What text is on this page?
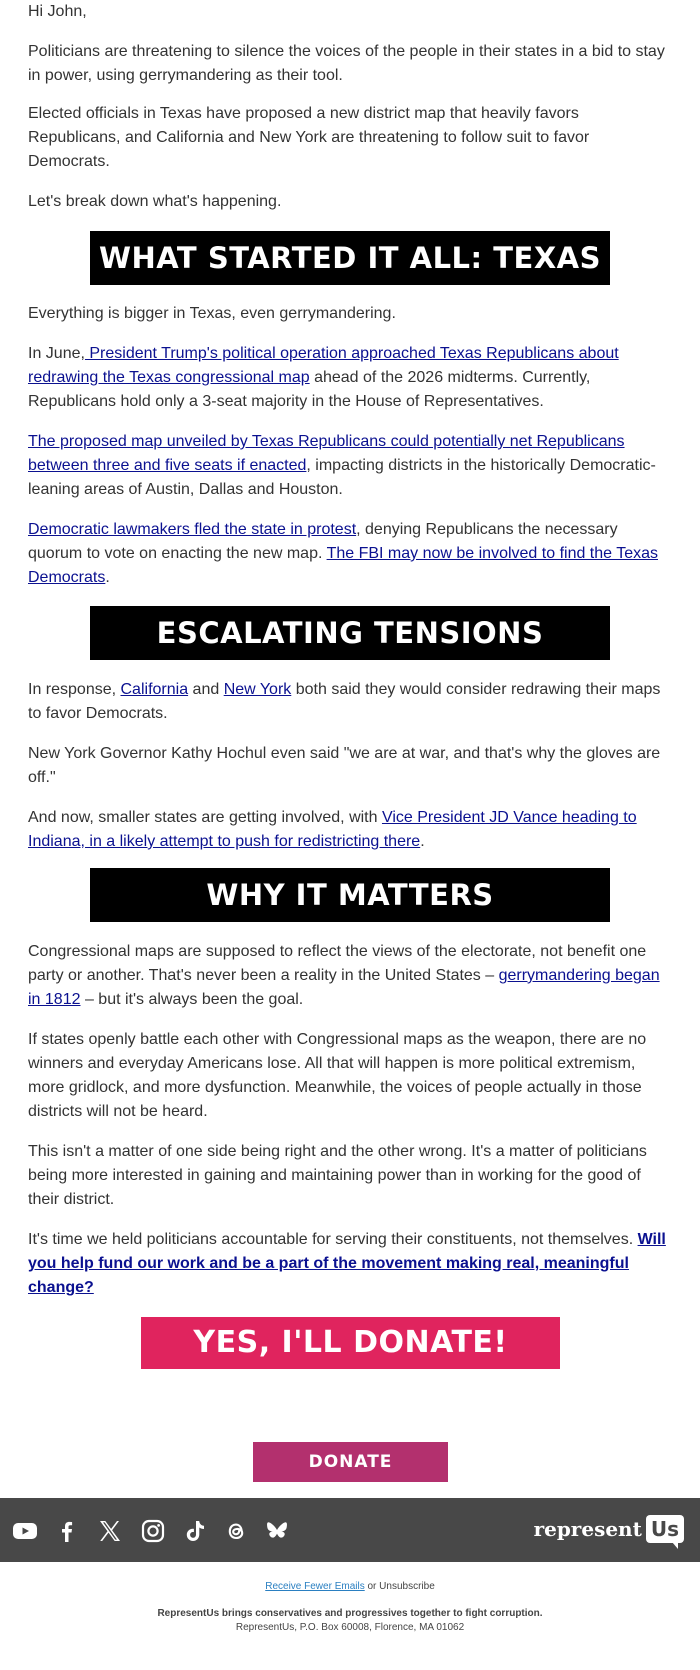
Hi John,

Politicians are threatening to silence the voices of the people in their states in a bid to stay in power, using gerrymandering as their tool.

Elected officials in Texas have proposed a new district map that heavily favors Republicans, and California and New York are threatening to follow suit to favor Democrats.

Let's break down what's happening.

Everything is bigger in Texas, even gerrymandering.

In June, President Trump's political operation approached Texas Republicans about redrawing the Texas congressional map ahead of the 2026 midterms. Currently, Republicans hold only a 3-seat majority in the House of Representatives.

The proposed map unveiled by Texas Republicans could potentially net Republicans between three and five seats if enacted, impacting districts in the historically Democratic-leaning areas of Austin, Dallas and Houston.

Democratic lawmakers fled the state in protest, denying Republicans the necessary quorum to vote on enacting the new map. The FBI may now be involved to find the Texas Democrats.

In response, California and New York both said they would consider redrawing their maps to favor Democrats.

New York Governor Kathy Hochul even said "we are at war, and that's why the gloves are off."

And now, smaller states are getting involved, with Vice President JD Vance heading to Indiana, in a likely attempt to push for redistricting there.

Congressional maps are supposed to reflect the views of the electorate, not benefit one party or another. That's never been a reality in the United States – gerrymandering began in 1812 – but it's always been the goal.

If states openly battle each other with Congressional maps as the weapon, there are no winners and everyday Americans lose. All that will happen is more political extremism, more gridlock, and more dysfunction. Meanwhile, the voices of people actually in those districts will not be heard.

This isn't a matter of one side being right and the other wrong. It's a matter of politicians being more interested in gaining and maintaining power than in working for the good of their district.

It's time we held politicians accountable for serving their constituents, not themselves. Will you help fund our work and be a part of the movement making real, meaningful change?

WHAT STARTED IT ALL: TEXAS
ESCALATING TENSIONS
WHY IT MATTERS
YES, I'LL DONATE!
DONATE
represent Us
Receive Fewer Emails or Unsubscribe
RepresentUs brings conservatives and progressives together to fight corruption.
RepresentUs, P.O. Box 60008, Florence, MA 01062
